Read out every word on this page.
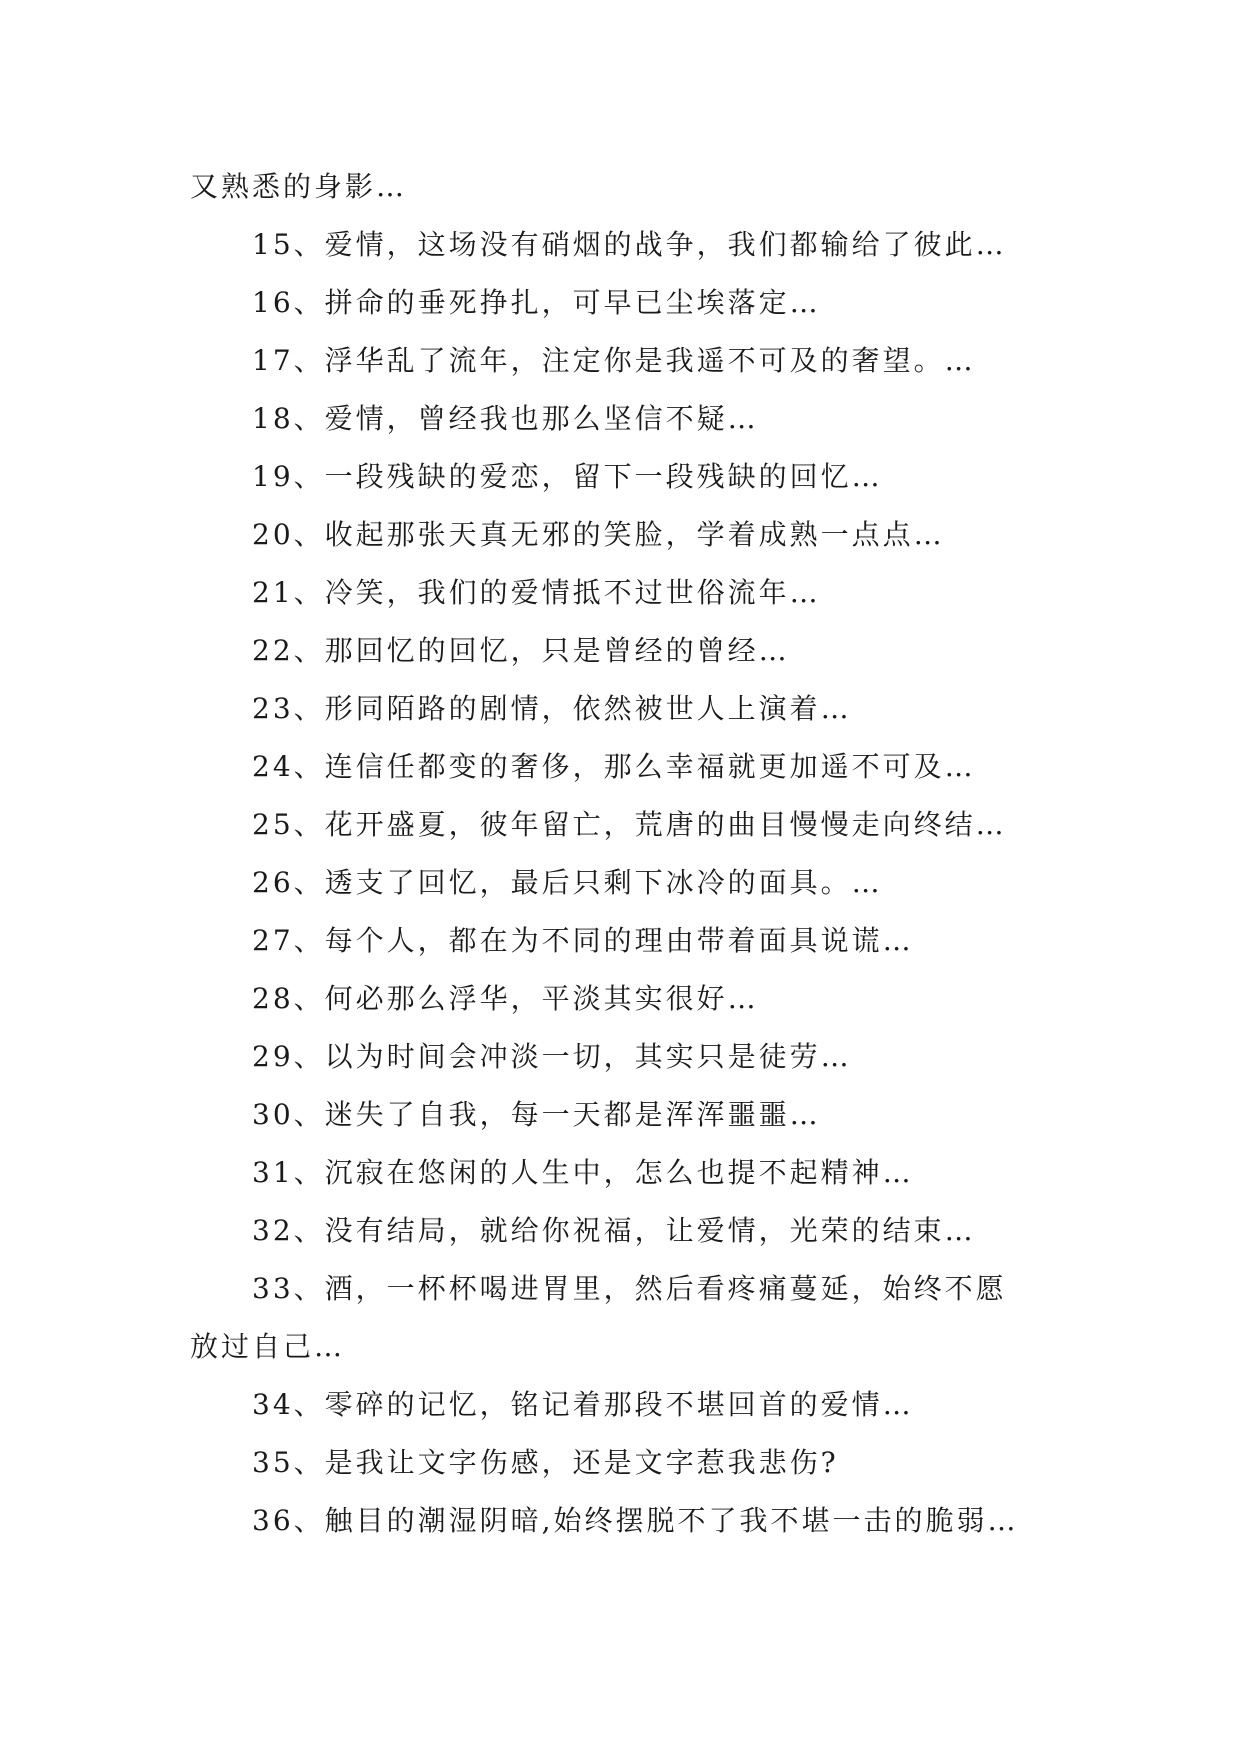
又熟悉的身影…
15、爱情，这场没有硝烟的战争，我们都输给了彼此…
16、拼命的垂死挣扎，可早已尘埃落定…
17、浮华乱了流年，注定你是我遥不可及的奢望。…
18、爱情，曾经我也那么坚信不疑…
19、一段残缺的爱恋，留下一段残缺的回忆…
20、收起那张天真无邪的笑脸，学着成熟一点点…
21、冷笑，我们的爱情抵不过世俗流年…
22、那回忆的回忆，只是曾经的曾经…
23、形同陌路的剧情，依然被世人上演着…
24、连信任都变的奢侈，那么幸福就更加遥不可及…
25、花开盛夏，彼年留亡，荒唐的曲目慢慢走向终结…
26、透支了回忆，最后只剩下冰冷的面具。…
27、每个人，都在为不同的理由带着面具说谎…
28、何必那么浮华，平淡其实很好…
29、以为时间会冲淡一切，其实只是徒劳…
30、迷失了自我，每一天都是浑浑噩噩…
31、沉寂在悠闲的人生中，怎么也提不起精神…
32、没有结局，就给你祝福，让爱情，光荣的结束…
33、酒，一杯杯喝进胃里，然后看疼痛蔓延，始终不愿
放过自己…
34、零碎的记忆，铭记着那段不堪回首的爱情…
35、是我让文字伤感，还是文字惹我悲伤?
36、触目的潮湿阴暗,始终摆脱不了我不堪一击的脆弱…
